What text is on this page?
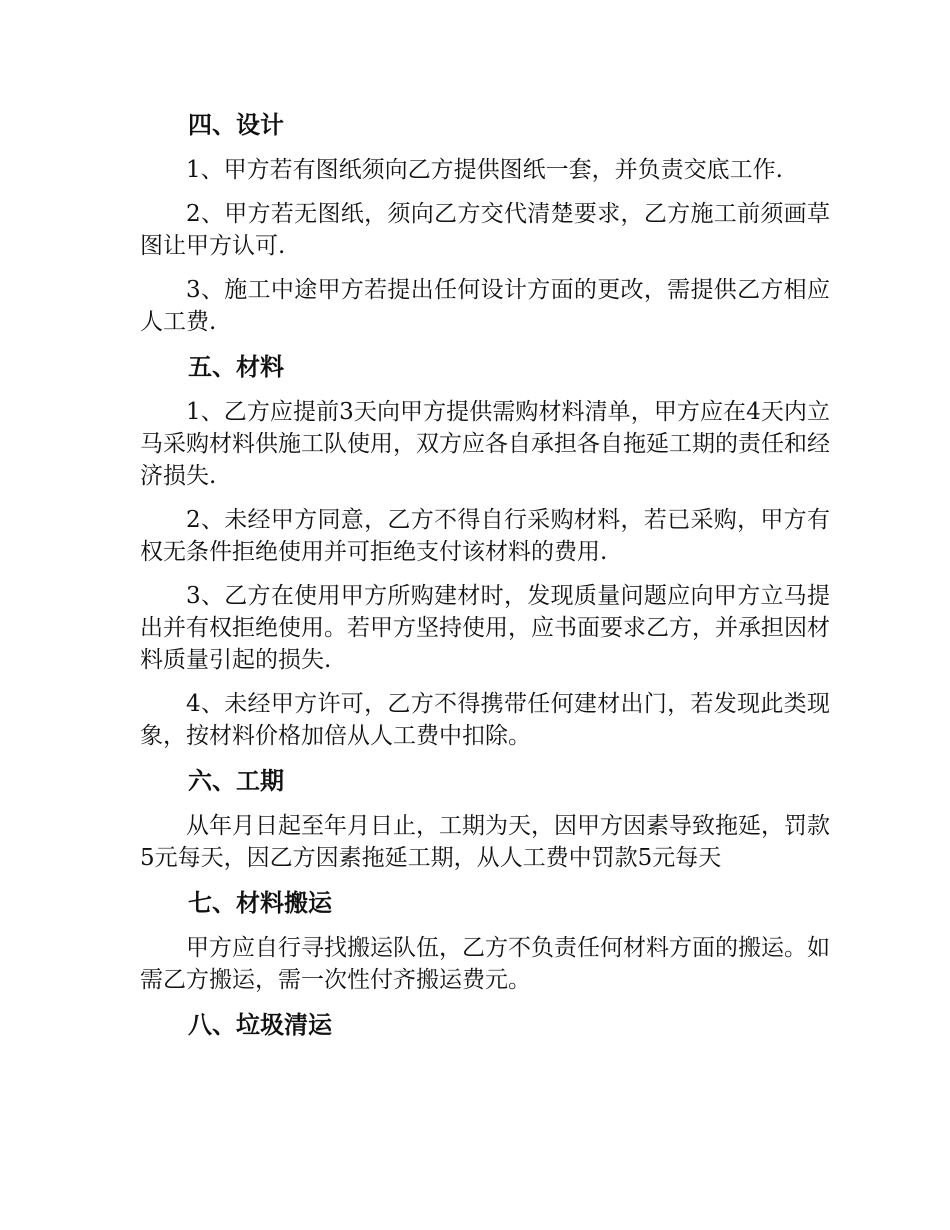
四、设计

1、甲方若有图纸须向乙方提供图纸一套，并负责交底工作.

2、甲方若无图纸，须向乙方交代清楚要求，乙方施工前须画草图让甲方认可.

3、施工中途甲方若提出任何设计方面的更改，需提供乙方相应人工费.

五、材料

1、乙方应提前3天向甲方提供需购材料清单，甲方应在4天内立马采购材料供施工队使用，双方应各自承担各自拖延工期的责任和经济损失.

2、未经甲方同意，乙方不得自行采购材料，若已采购，甲方有权无条件拒绝使用并可拒绝支付该材料的费用.

3、乙方在使用甲方所购建材时，发现质量问题应向甲方立马提出并有权拒绝使用。若甲方坚持使用，应书面要求乙方，并承担因材料质量引起的损失.

4、未经甲方许可，乙方不得携带任何建材出门，若发现此类现象，按材料价格加倍从人工费中扣除。

六、工期

从年月日起至年月日止，工期为天，因甲方因素导致拖延，罚款5元每天，因乙方因素拖延工期，从人工费中罚款5元每天

七、材料搬运

甲方应自行寻找搬运队伍，乙方不负责任何材料方面的搬运。如需乙方搬运，需一次性付齐搬运费元。

八、垃圾清运
